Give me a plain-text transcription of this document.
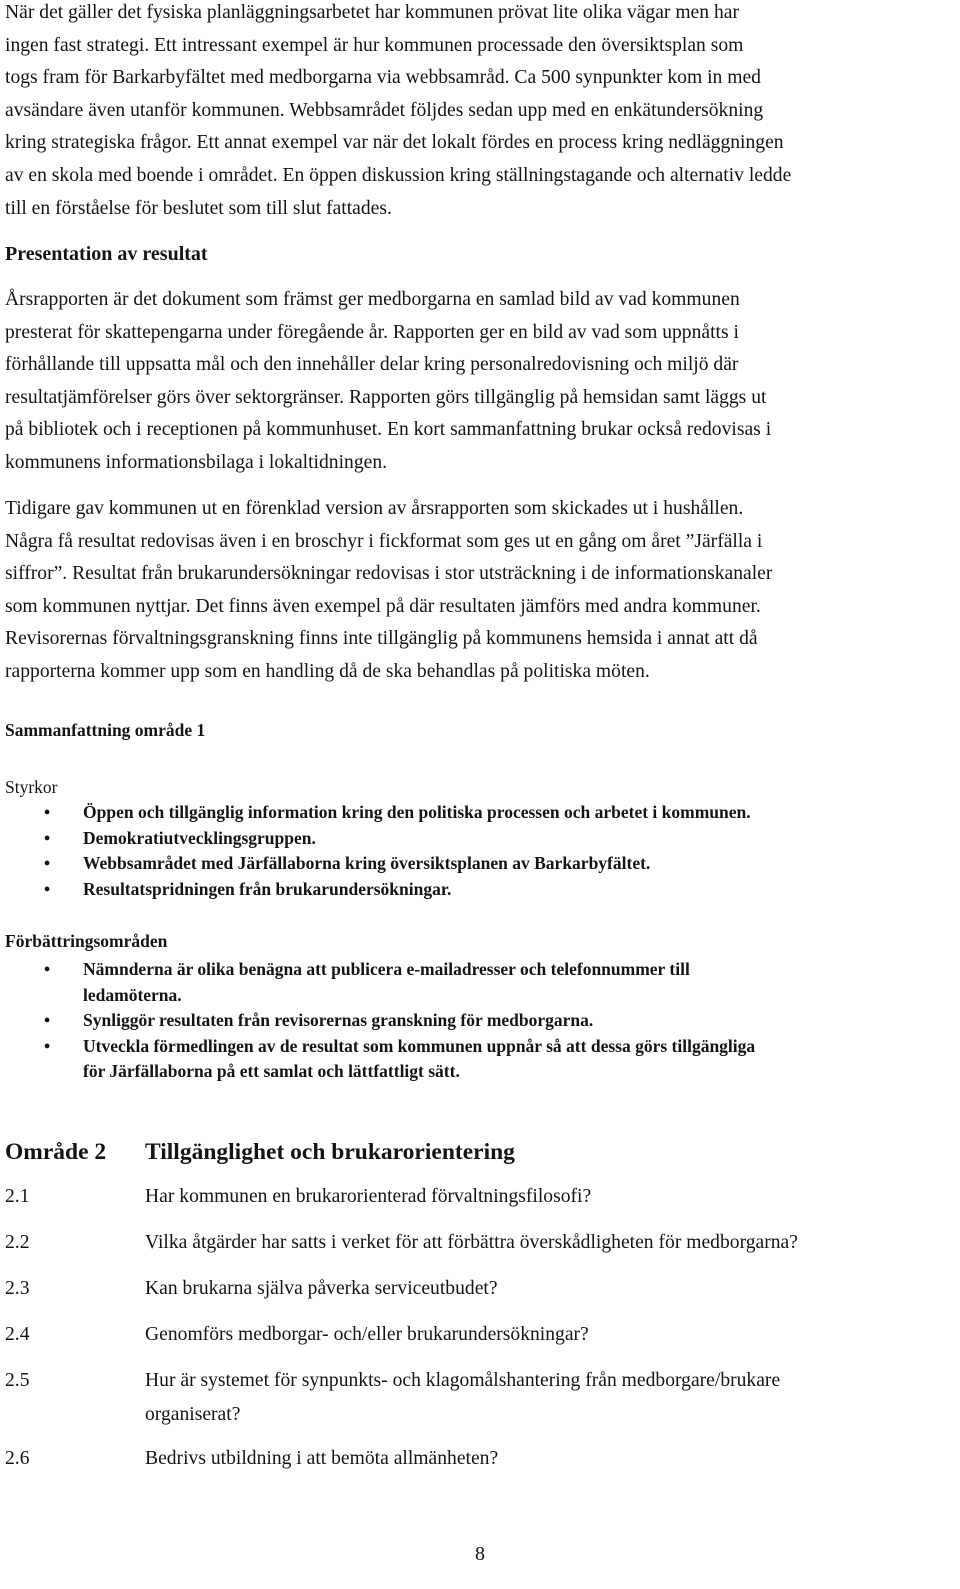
När det gäller det fysiska planläggningsarbetet har kommunen prövat lite olika vägar men har
ingen fast strategi. Ett intressant exempel är hur kommunen processade den översiktsplan som
togs fram för Barkarbyfältet med medborgarna via webbsamråd. Ca 500 synpunkter kom in med
avsändare även utanför kommunen. Webbsamrådet följdes sedan upp med en enkätundersökning
kring strategiska frågor. Ett annat exempel var när det lokalt fördes en process kring nedläggningen
av en skola med boende i området. En öppen diskussion kring ställningstagande och alternativ ledde
till en förståelse för beslutet som till slut fattades.

Presentation av resultat

Årsrapporten är det dokument som främst ger medborgarna en samlad bild av vad kommunen
presterat för skattepengarna under föregående år. Rapporten ger en bild av vad som uppnåtts i
förhållande till uppsatta mål och den innehåller delar kring personalredovisning och miljö där
resultatjämförelser görs över sektorgränser. Rapporten görs tillgänglig på hemsidan samt läggs ut
på bibliotek och i receptionen på kommunhuset. En kort sammanfattning brukar också redovisas i
kommunens informationsbilaga i lokaltidningen.

Tidigare gav kommunen ut en förenklad version av årsrapporten som skickades ut i hushållen.
Några få resultat redovisas även i en broschyr i fickformat som ges ut en gång om året ”Järfälla i
siffror”. Resultat från brukarundersökningar redovisas i stor utsträckning i de informationskanaler
som kommunen nyttjar. Det finns även exempel på där resultaten jämförs med andra kommuner.
Revisorernas förvaltningsgranskning finns inte tillgänglig på kommunens hemsida i annat att då
rapporterna kommer upp som en handling då de ska behandlas på politiska möten.

Sammanfattning område 1

Styrkor

• Öppen och tillgänglig information kring den politiska processen och arbetet i kommunen.
• Demokratiutvecklingsgruppen.
• Webbsamrådet med Järfällaborna kring översiktsplanen av Barkarbyfältet.
• Resultatspridningen från brukarundersökningar.

Förbättringsområden

• Nämnderna är olika benägna att publicera e-mailadresser och telefonnummer till
ledamöterna.
• Synliggör resultaten från revisorernas granskning för medborgarna.
• Utveckla förmedlingen av de resultat som kommunen uppnår så att dessa görs tillgängliga
för Järfällaborna på ett samlat och lättfattligt sätt.
Område 2 Tillgänglighet och brukarorientering
2.1	Har kommunen en brukarorienterad förvaltningsfilosofi?
2.2	Vilka åtgärder har satts i verket för att förbättra överskådligheten för medborgarna?
2.3	Kan brukarna själva påverka serviceutbudet?
2.4	Genomförs medborgar- och/eller brukarundersökningar?
2.5	Hur är systemet för synpunkts- och klagomålshantering från medborgare/brukare
organiserat?
2.6	Bedrivs utbildning i att bemöta allmänheten?
8
